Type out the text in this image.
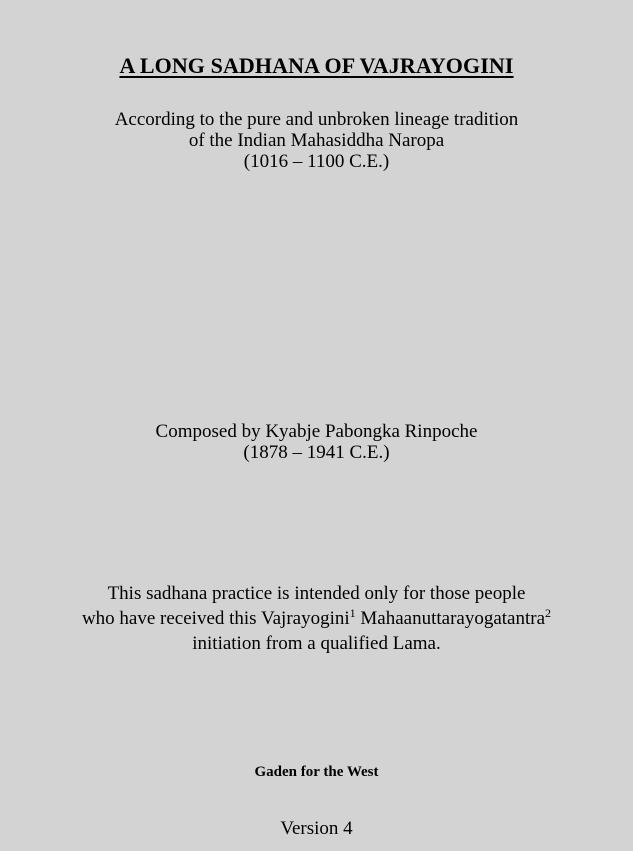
A LONG SADHANA OF VAJRAYOGINI
According to the pure and unbroken lineage tradition
of the Indian Mahasiddha Naropa
(1016 – 1100 C.E.)
Composed by Kyabje Pabongka Rinpoche
(1878 – 1941 C.E.)
This sadhana practice is intended only for those people
who have received this Vajrayogini$^1$ Mahaanuttarayogatantra$^2$
initiation from a qualified Lama.
Gaden for the West
Version 4
